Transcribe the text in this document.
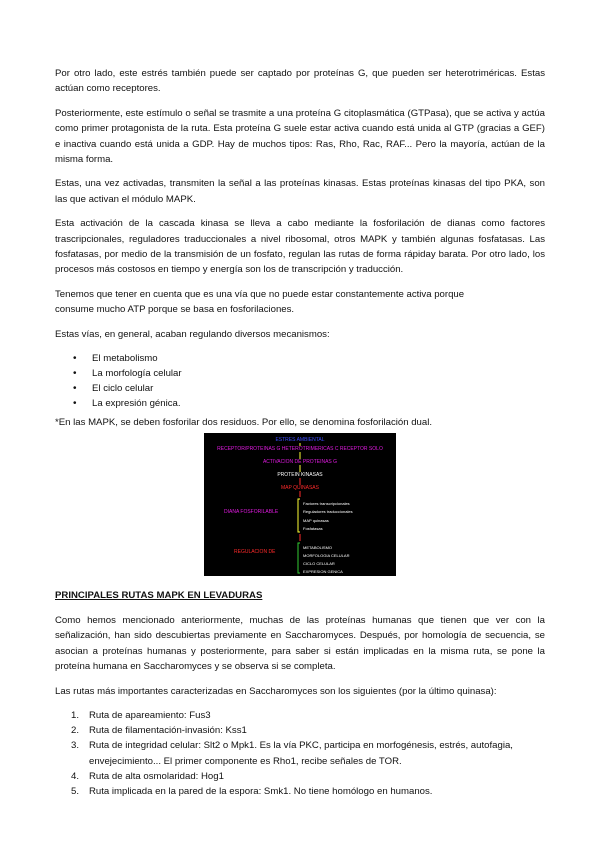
Por otro lado, este estrés también puede ser captado por proteínas G, que pueden ser heterotriméricas. Estas actúan como receptores.

Posteriormente, este estímulo o señal se trasmite a una proteína G citoplasmática (GTPasa), que se activa y actúa como primer protagonista de la ruta. Esta proteína G suele estar activa cuando está unida al GTP (gracias a GEF) e inactiva cuando está unida a GDP. Hay de muchos tipos: Ras, Rho, Rac, RAF... Pero la mayoría, actúan de la misma forma.

Estas, una vez activadas, transmiten la señal a las proteínas kinasas. Estas proteínas kinasas del tipo PKA, son las que activan el módulo MAPK.

Esta activación de la cascada kinasa se lleva a cabo mediante la fosforilación de dianas como factores trascripcionales, reguladores traduccionales a nivel ribosomal, otros MAPK y también algunas fosfatasas. Las fosfatasas, por medio de la transmisión de un fosfato, regulan las rutas de forma rápiday barata. Por otro lado, los procesos más costosos en tiempo y energía son los de transcripción y traducción.

Tenemos que tener en cuenta que es una vía que no puede estar constantemente activa porque
consume mucho ATP porque se basa en fosforilaciones.

Estas vías, en general, acaban regulando diversos mecanismos:

• El metabolismo
• La morfología celular
• El ciclo celular
• La expresión génica.

*En las MAPK, se deben fosforilar dos residuos. Por ello, se denomina fosforilación dual.

ESTRES AMBIENTAL
RECEPTOR/PROTEINAS G HETEROTRIMERICAS C RECEPTOR SOLO
ACTIVACION DE PROTEINAS G
PROTEIN KINASAS
MAP QUINASAS
DIANA FOSFORILABLE
Factores transcripcionales
Reguladores traduccionales
MAP quinasas
Fosfatasas
REGULACION DE
METABOLISMO
MORFOLOGIA CELULAR
CICLO CELULAR
EXPRESION GENICA

PRINCIPALES RUTAS MAPK EN LEVADURAS

Como hemos mencionado anteriormente, muchas de las proteínas humanas que tienen que ver con la señalización, han sido descubiertas previamente en Saccharomyces. Después, por homología de secuencia, se asocian a proteínas humanas y posteriormente, para saber si están implicadas en la misma ruta, se pone la proteína humana en Saccharomyces y se observa si se completa.

Las rutas más importantes caracterizadas en Saccharomyces son los siguientes (por la último quinasa):

1. Ruta de apareamiento: Fus3
2. Ruta de filamentación-invasión: Kss1
3. Ruta de integridad celular: Slt2 o Mpk1. Es la vía PKC, participa en morfogénesis, estrés, autofagia, envejecimiento... El primer componente es Rho1, recibe señales de TOR.
4. Ruta de alta osmolaridad: Hog1
5. Ruta implicada en la pared de la espora: Smk1. No tiene homólogo en humanos.
